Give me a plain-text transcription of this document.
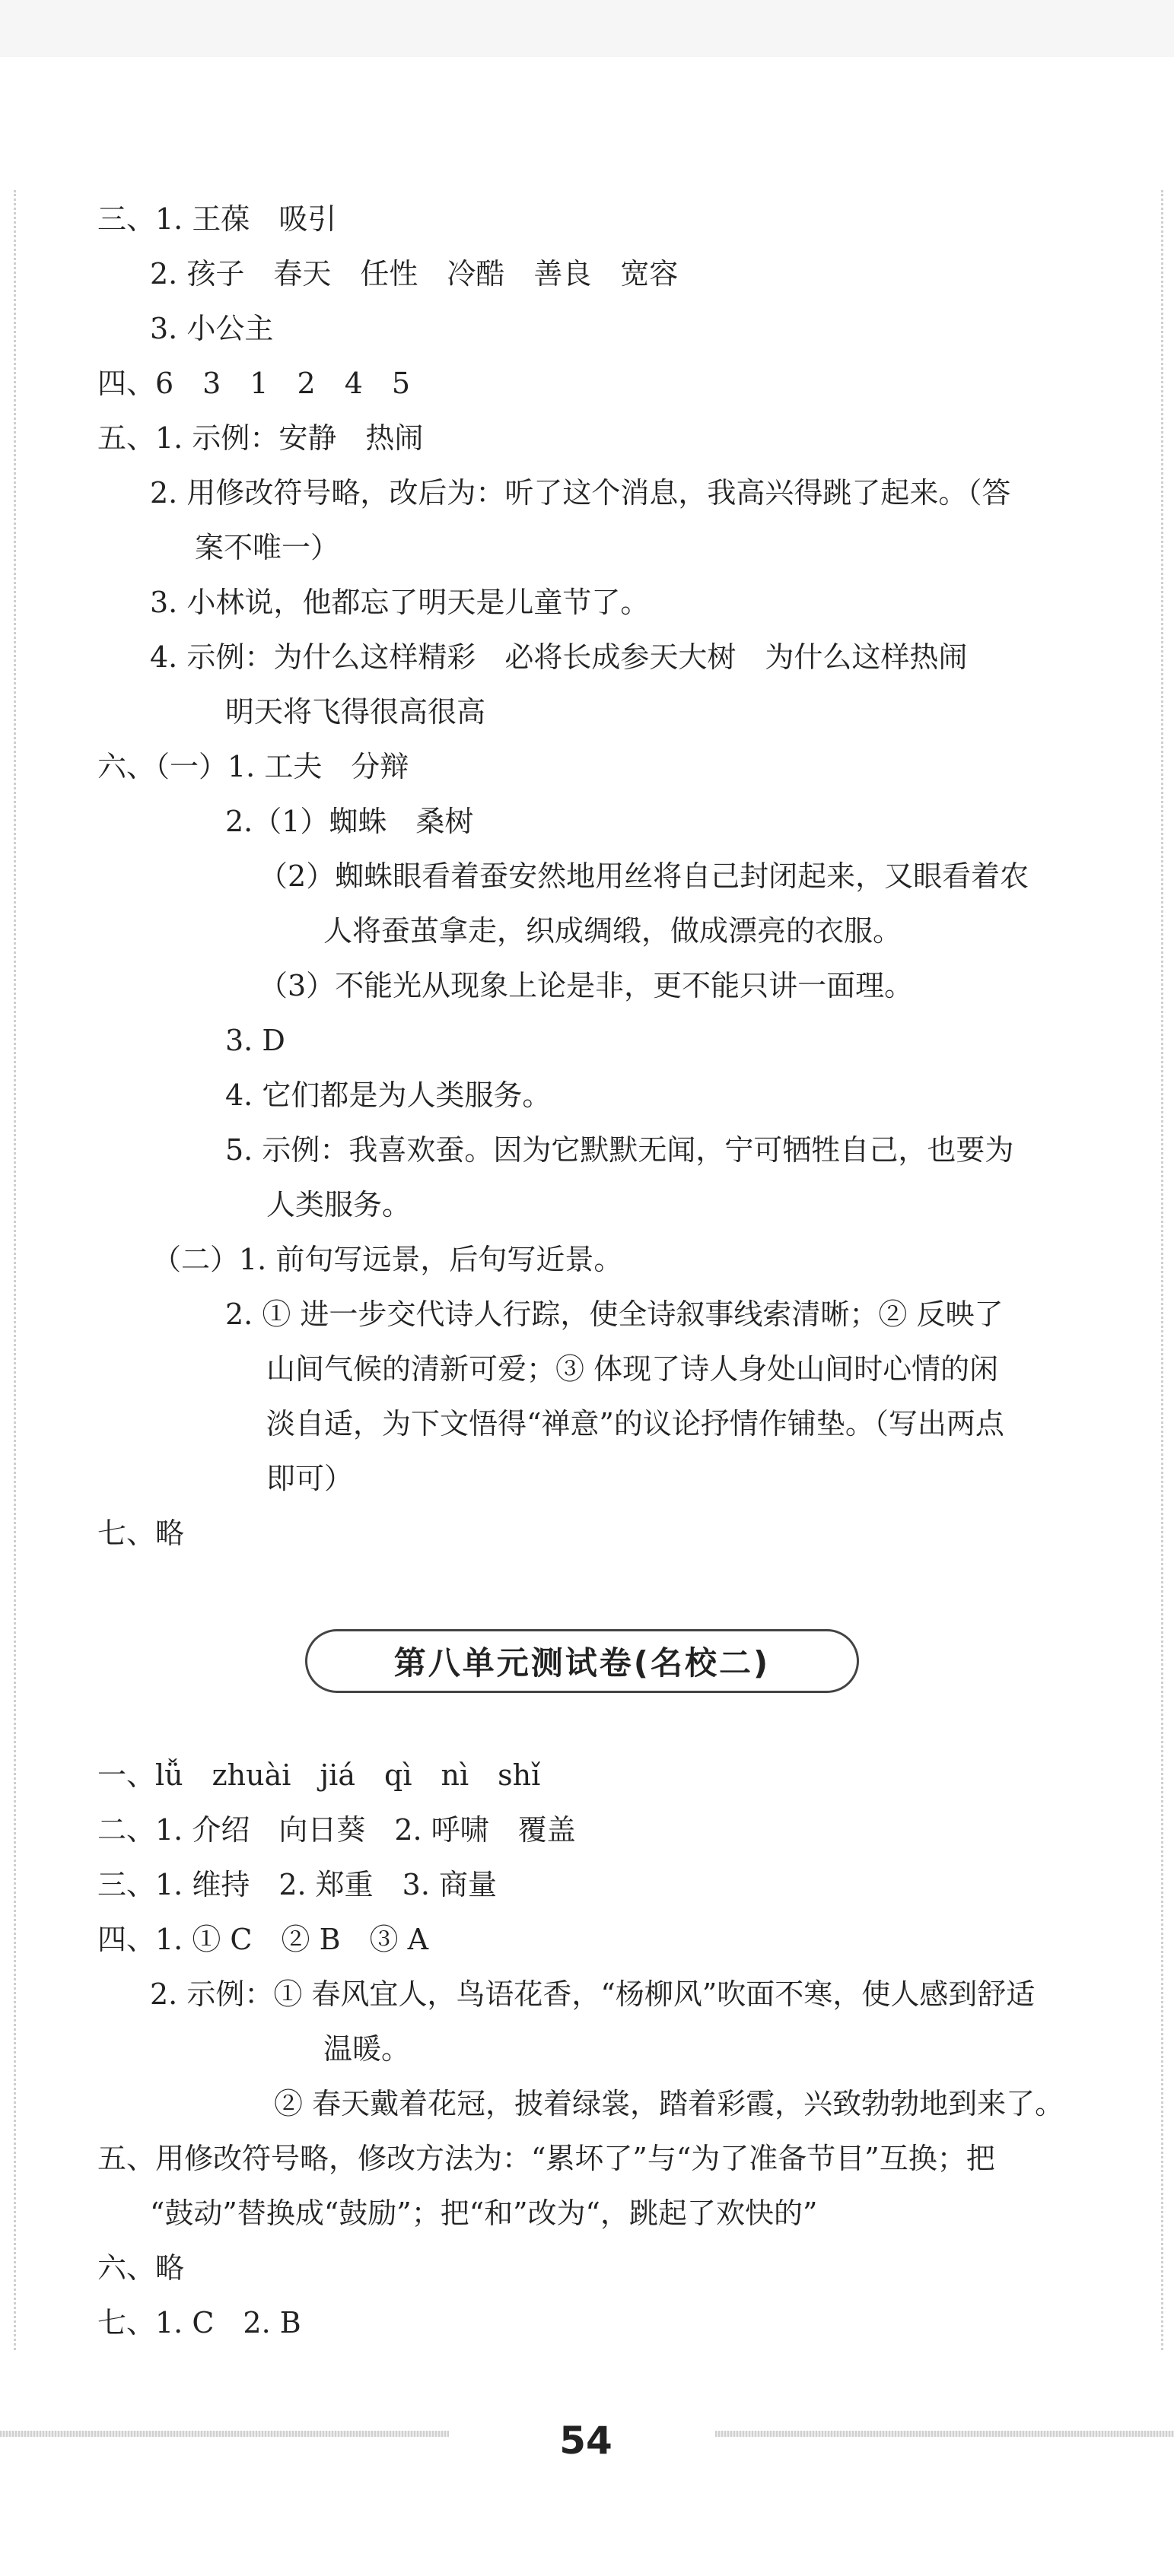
三、1. 王葆　吸引
2. 孩子　春天　任性　冷酷　善良　宽容
3. 小公主
四、6　3　1　2　4　5
五、1. 示例：安静　热闹
2. 用修改符号略，改后为：听了这个消息，我高兴得跳了起来。（答
案不唯一）
3. 小林说，他都忘了明天是儿童节了。
4. 示例：为什么这样精彩　必将长成参天大树　为什么这样热闹
明天将飞得很高很高
六、（一）1. 工夫　分辩
2.（1）蜘蛛　桑树
（2）蜘蛛眼看着蚕安然地用丝将自己封闭起来，又眼看着农
人将蚕茧拿走，织成绸缎，做成漂亮的衣服。
（3）不能光从现象上论是非，更不能只讲一面理。
3. D
4. 它们都是为人类服务。
5. 示例：我喜欢蚕。因为它默默无闻，宁可牺牲自己，也要为
人类服务。
（二）1. 前句写远景，后句写近景。
2. ① 进一步交代诗人行踪，使全诗叙事线索清晰；② 反映了
山间气候的清新可爱；③ 体现了诗人身处山间时心情的闲
淡自适，为下文悟得“禅意”的议论抒情作铺垫。（写出两点
即可）
七、略
第八单元测试卷(名校二)
一、lǚ　zhuài　jiá　qì　nì　shǐ
二、1. 介绍　向日葵　2. 呼啸　覆盖
三、1. 维持　2. 郑重　3. 商量
四、1. ① C　② B　③ A
2. 示例：① 春风宜人，鸟语花香，“杨柳风”吹面不寒，使人感到舒适
温暖。
② 春天戴着花冠，披着绿裳，踏着彩霞，兴致勃勃地到来了。
五、用修改符号略，修改方法为：“累坏了”与“为了准备节目”互换；把
“鼓动”替换成“鼓励”；把“和”改为“，跳起了欢快的”
六、略
七、1. C　2. B
54
